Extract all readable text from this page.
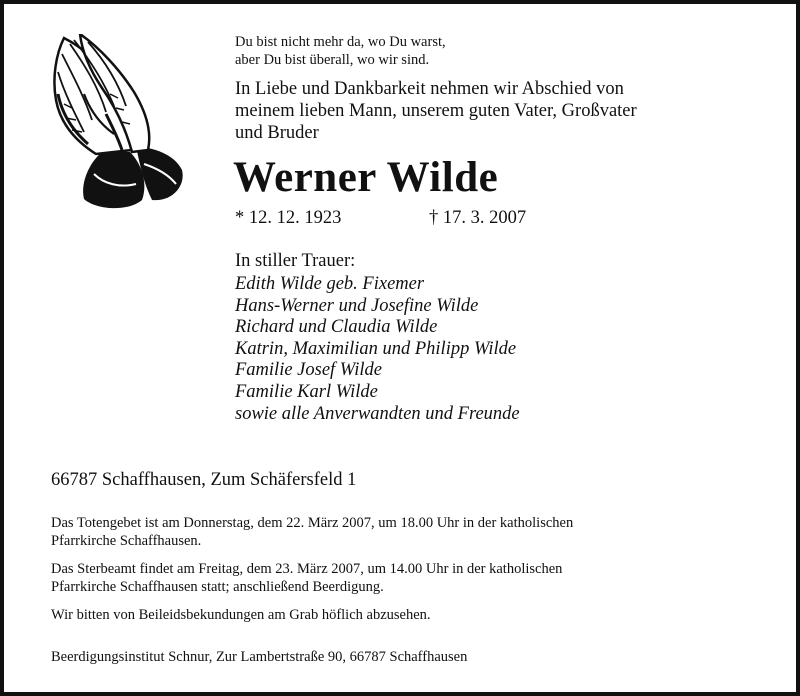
Du bist nicht mehr da, wo Du warst,
aber Du bist überall, wo wir sind.
In Liebe und Dankbarkeit nehmen wir Abschied von
meinem lieben Mann, unserem guten Vater, Großvater
und Bruder
Werner Wilde
* 12. 12. 1923	† 17. 3. 2007
In stiller Trauer:
Edith Wilde geb. Fixemer
Hans-Werner und Josefine Wilde
Richard und Claudia Wilde
Katrin, Maximilian und Philipp Wilde
Familie Josef Wilde
Familie Karl Wilde
sowie alle Anverwandten und Freunde
66787 Schaffhausen, Zum Schäfersfeld 1
Das Totengebet ist am Donnerstag, dem 22. März 2007, um 18.00 Uhr in der katholischen
Pfarrkirche Schaffhausen.
Das Sterbeamt findet am Freitag, dem 23. März 2007, um 14.00 Uhr in der katholischen
Pfarrkirche Schaffhausen statt; anschließend Beerdigung.
Wir bitten von Beileidsbekundungen am Grab höflich abzusehen.
Beerdigungsinstitut Schnur, Zur Lambertstraße 90, 66787 Schaffhausen
